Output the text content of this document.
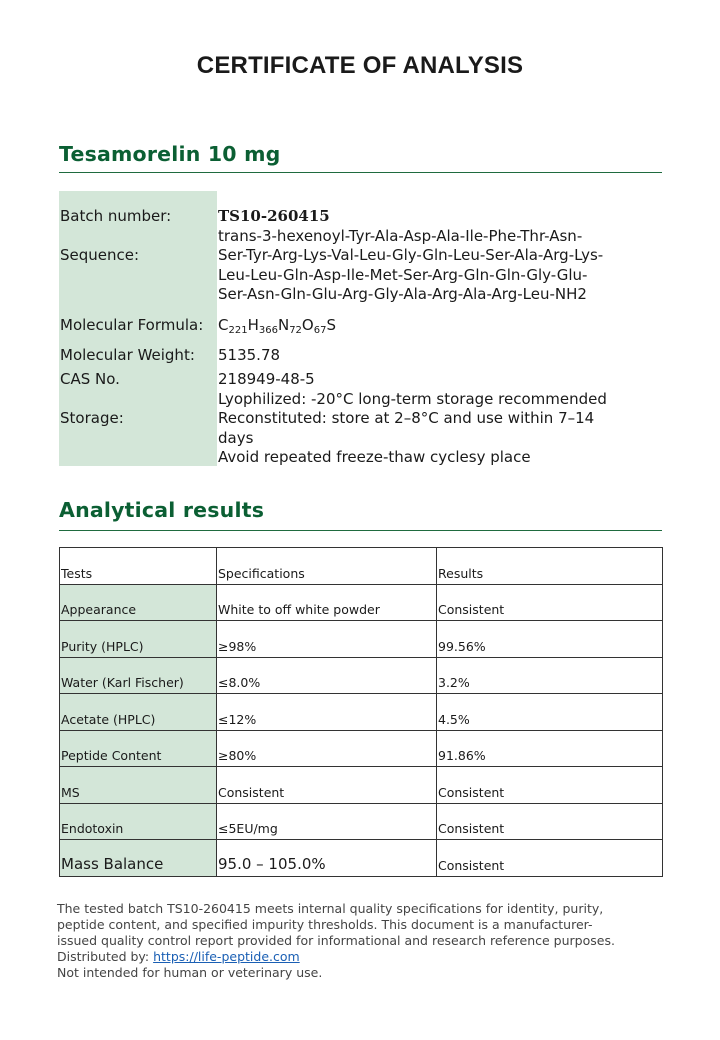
CERTIFICATE OF ANALYSIS
Tesamorelin 10 mg
Batch number:	TS10-260415
Sequence:
trans-3-hexenoyl-Tyr-Ala-Asp-Ala-Ile-Phe-Thr-Asn-
Ser-Tyr-Arg-Lys-Val-Leu-Gly-Gln-Leu-Ser-Ala-Arg-Lys-
Leu-Leu-Gln-Asp-Ile-Met-Ser-Arg-Gln-Gln-Gly-Glu-
Ser-Asn-Gln-Glu-Arg-Gly-Ala-Arg-Ala-Arg-Leu-NH2
Molecular Formula: $C_{221}H_{366}N_{72}O_{67}S$
Molecular Weight: 5135.78
CAS No.	218949-48-5
Storage:
Lyophilized: -20°C long-term storage recommended
Reconstituted: store at 2–8°C and use within 7–14
days
Avoid repeated freeze-thaw cyclesy place
Analytical results
Tests	Specifications	Results
Appearance	White to off white powder	Consistent
Purity (HPLC)	≥98%	99.56%
Water (Karl Fischer)	≤8.0%	3.2%
Acetate (HPLC)	≤12%	4.5%
Peptide Content	≥80%	91.86%
MS	Consistent	Consistent
Endotoxin	≤5EU/mg	Consistent
Mass Balance	95.0 – 105.0%	Consistent
The tested batch TS10-260415 meets internal quality specifications for identity, purity,
peptide content, and specified impurity thresholds. This document is a manufacturer-
issued quality control report provided for informational and research reference purposes.
Distributed by: https://life-peptide.com
Not intended for human or veterinary use.
